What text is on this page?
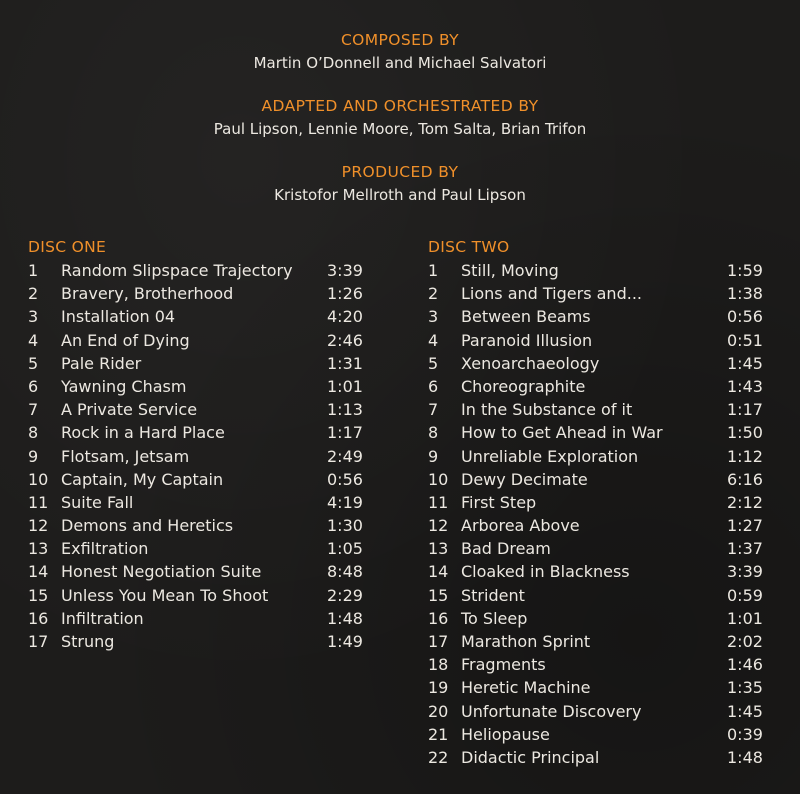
COMPOSED BY
Martin O’Donnell and Michael Salvatori
ADAPTED AND ORCHESTRATED BY
Paul Lipson, Lennie Moore, Tom Salta, Brian Trifon
PRODUCED BY
Kristofor Mellroth and Paul Lipson
DISC ONE
1	Random Slipspace Trajectory	3:39
2	Bravery, Brotherhood	1:26
3	Installation 04	4:20
4	An End of Dying	2:46
5	Pale Rider	1:31
6	Yawning Chasm	1:01
7	A Private Service	1:13
8	Rock in a Hard Place	1:17
9	Flotsam, Jetsam	2:49
10 Captain, My Captain	0:56
11 Suite Fall	4:19
12 Demons and Heretics	1:30
13 Exfiltration	1:05
14 Honest Negotiation Suite	8:48
15 Unless You Mean To Shoot	2:29
16 Infiltration	1:48
17 Strung	1:49
DISC TWO
1	Still, Moving	1:59
2	Lions and Tigers and...	1:38
3	Between Beams	0:56
4	Paranoid Illusion	0:51
5	Xenoarchaeology	1:45
6	Choreographite	1:43
7	In the Substance of it	1:17
8	How to Get Ahead in War	1:50
9	Unreliable Exploration	1:12
10 Dewy Decimate	6:16
11 First Step	2:12
12 Arborea Above	1:27
13 Bad Dream	1:37
14 Cloaked in Blackness	3:39
15 Strident	0:59
16 To Sleep	1:01
17 Marathon Sprint	2:02
18 Fragments	1:46
19 Heretic Machine	1:35
20 Unfortunate Discovery	1:45
21 Heliopause	0:39
22 Didactic Principal	1:48
